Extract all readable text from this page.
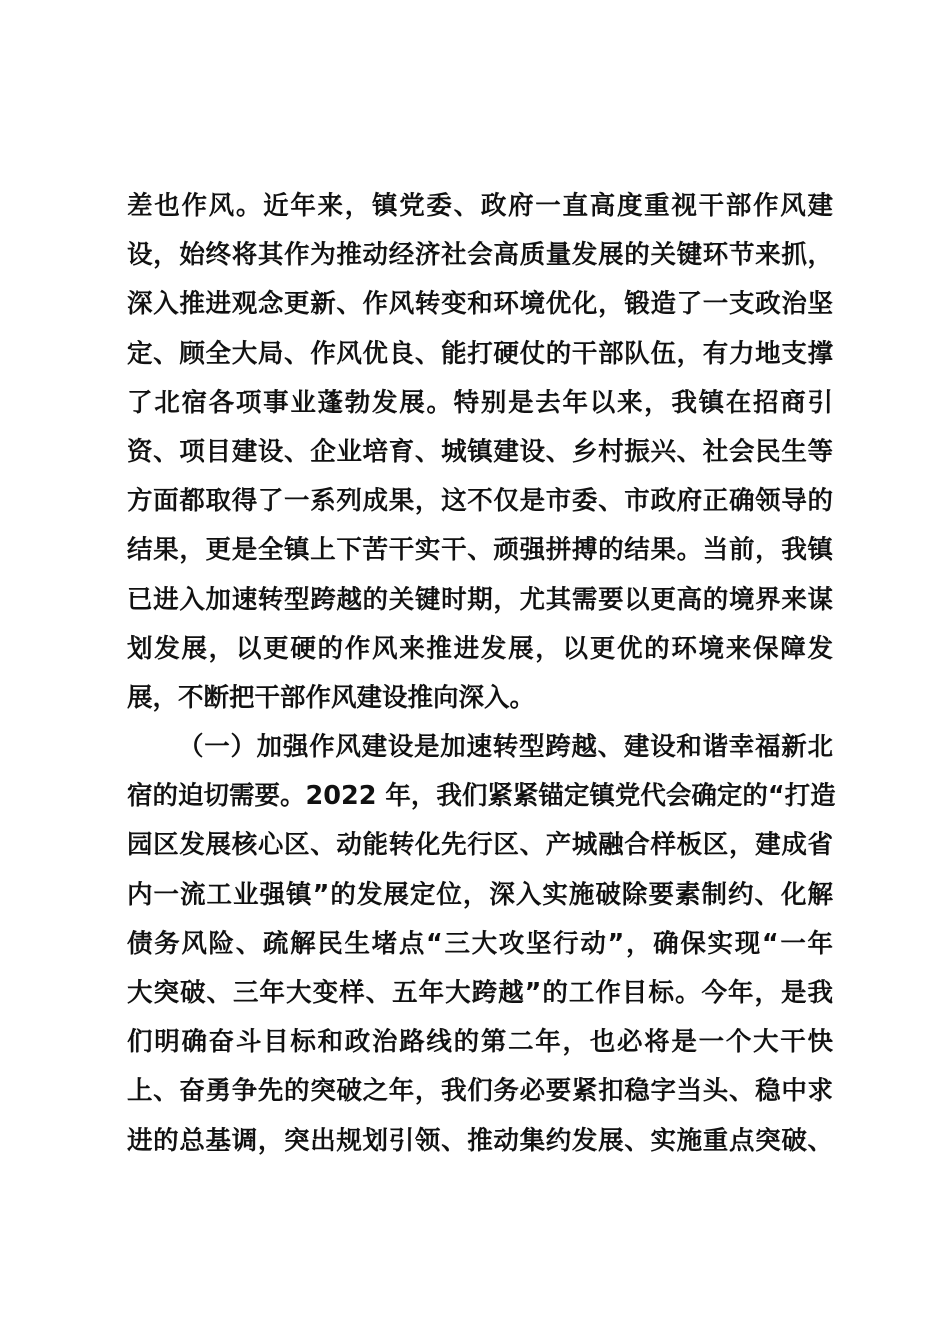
差也作风。近年来，镇党委、政府一直高度重视干部作风建
设，始终将其作为推动经济社会高质量发展的关键环节来抓，
深入推进观念更新、作风转变和环境优化，锻造了一支政治坚
定、顾全大局、作风优良、能打硬仗的干部队伍，有力地支撑
了北宿各项事业蓬勃发展。特别是去年以来，我镇在招商引
资、项目建设、企业培育、城镇建设、乡村振兴、社会民生等
方面都取得了一系列成果，这不仅是市委、市政府正确领导的
结果，更是全镇上下苦干实干、顽强拼搏的结果。当前，我镇
已进入加速转型跨越的关键时期，尤其需要以更高的境界来谋
划发展，以更硬的作风来推进发展，以更优的环境来保障发
展，不断把干部作风建设推向深入。
（一）加强作风建设是加速转型跨越、建设和谐幸福新北
宿的迫切需要。2022 年，我们紧紧锚定镇党代会确定的“打造
园区发展核心区、动能转化先行区、产城融合样板区，建成省
内一流工业强镇”的发展定位，深入实施破除要素制约、化解
债务风险、疏解民生堵点“三大攻坚行动”，确保实现“一年
大突破、三年大变样、五年大跨越”的工作目标。今年，是我
们明确奋斗目标和政治路线的第二年，也必将是一个大干快
上、奋勇争先的突破之年，我们务必要紧扣稳字当头、稳中求
进的总基调，突出规划引领、推动集约发展、实施重点突破、
